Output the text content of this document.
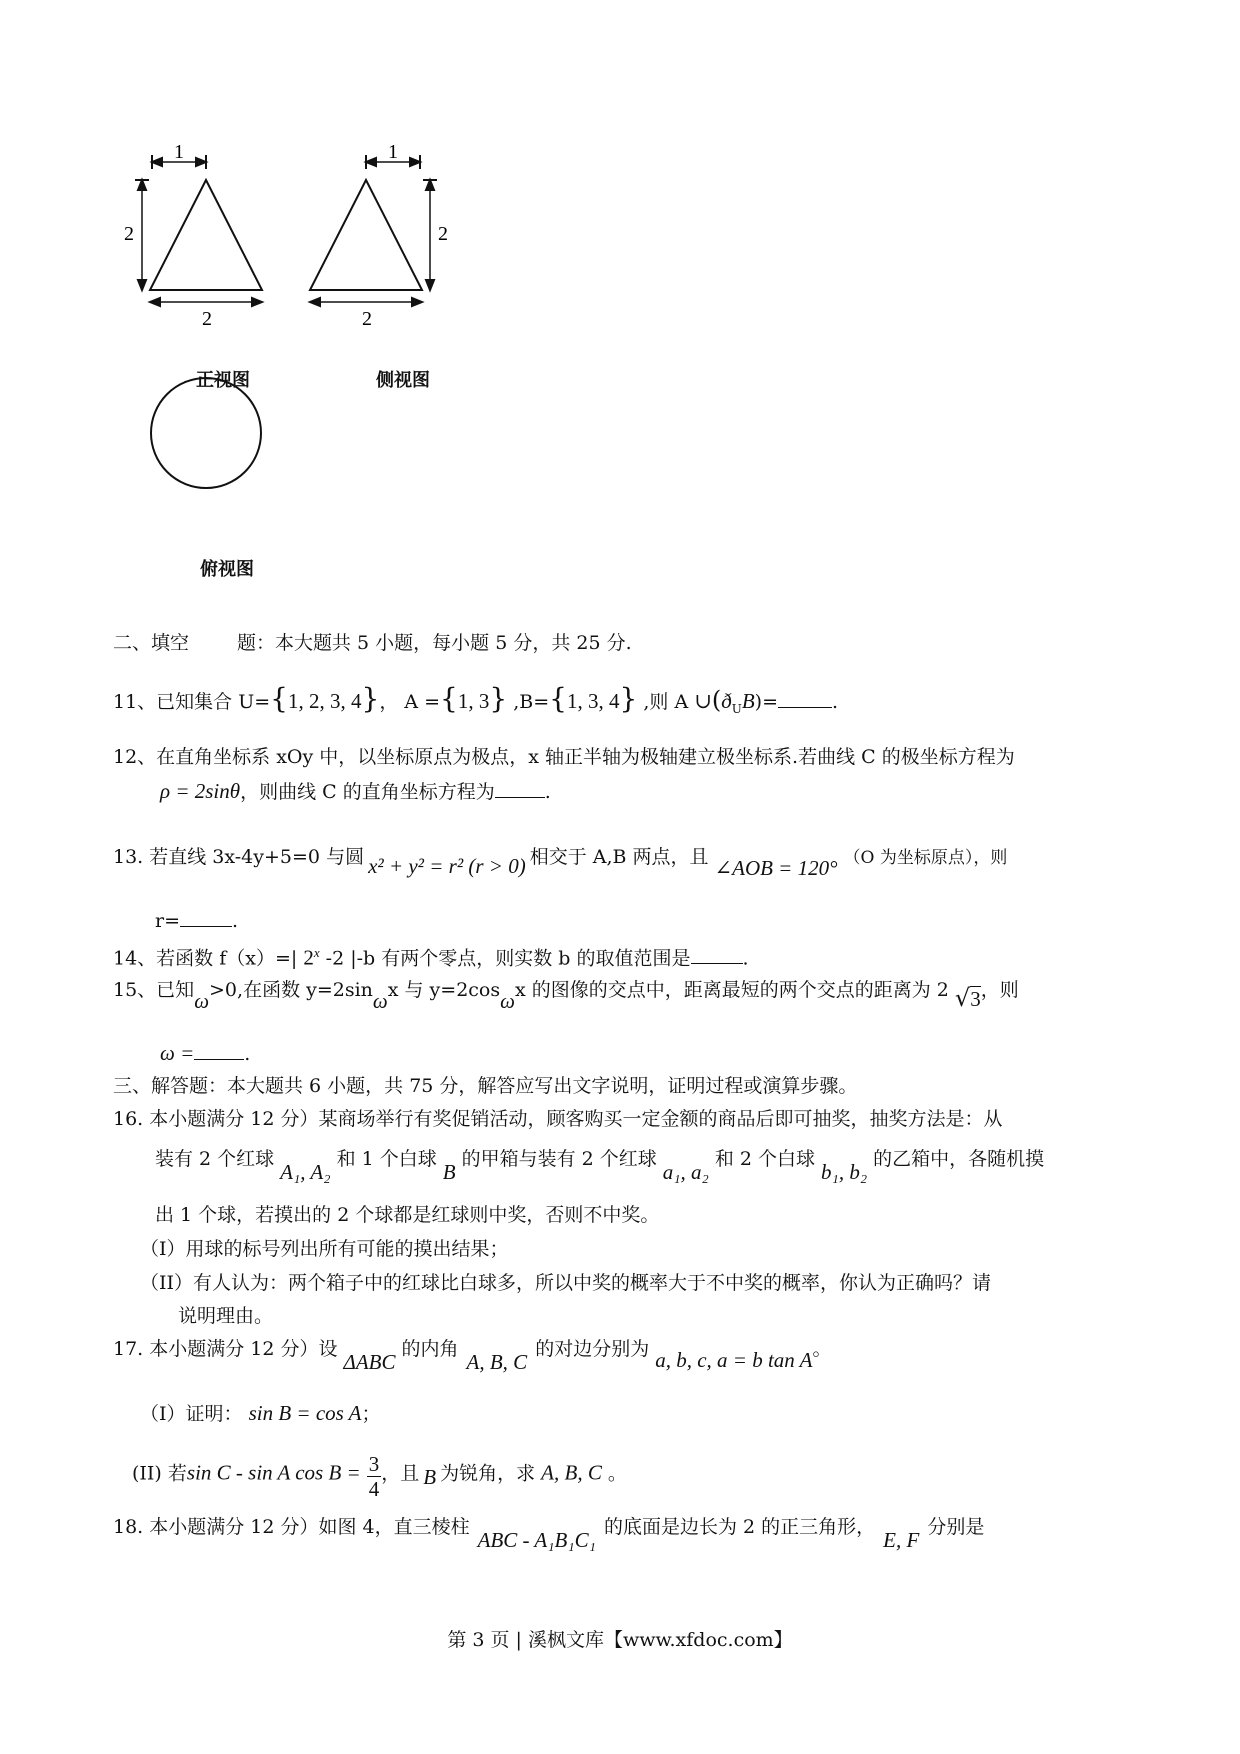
1
2
2
1
2
2
正视图	侧视图
俯视图
二、填空	题：本大题共 5 小题，每小题 5 分，共 25 分.
11、已知集合 U={1, 2, 3, 4}， A ={1, 3} ,B={1, 3, 4} ,则 A $\cup(ð_UB)=$	.
12、在直角坐标系 xOy 中，以坐标原点为极点，x 轴正半轴为极轴建立极坐标系.若曲线 C 的极坐标方程为
ρ = 2sinθ，则曲线 C 的直角坐标方程为	.
13. 若直线 3x-4y+5=0 与圆 x² + y² = r² (r > 0) 相交于 A,B 两点，且 ∠AOB = 120° （O 为坐标原点），则
r=	.
14、若函数 f（x）=| 2$^x$ -2 |-b 有两个零点，则实数 b 的取值范围是	.
15、已知ω>0,在函数 y=2sinωx 与 y=2cosωx 的图像的交点中，距离最短的两个交点的距离为 2 √3，则
ω =	.
三、解答题：本大题共 6 小题，共 75 分，解答应写出文字说明，证明过程或演算步骤。
16. 本小题满分 12 分）某商场举行有奖促销活动，顾客购买一定金额的商品后即可抽奖，抽奖方法是：从
装有 2 个红球A₁, A₂和 1 个白球B的甲箱与装有 2 个红球a₁, a₂和 2 个白球b₁, b₂的乙箱中，各随机摸
出 1 个球，若摸出的 2 个球都是红球则中奖，否则不中奖。
（I）用球的标号列出所有可能的摸出结果；
（II）有人认为：两个箱子中的红球比白球多，所以中奖的概率大于不中奖的概率，你认为正确吗？请
说明理由。
17. 本小题满分 12 分）设ΔABC的内角A, B, C的对边分别为 a, b, c, a = b tan A。
（I）证明： sin B = cos A；
(II) 若sin C - sin A $\cos B = \frac{3}{4}$ ，且 B 为锐角，求 A, B, C 。
18. 本小题满分 12 分）如图 4，直三棱柱ABC - A₁B₁C₁的底面是边长为 2 的正三角形，E, F分别是
第 3 页 | 溪枫文库【www.xfdoc.com】
